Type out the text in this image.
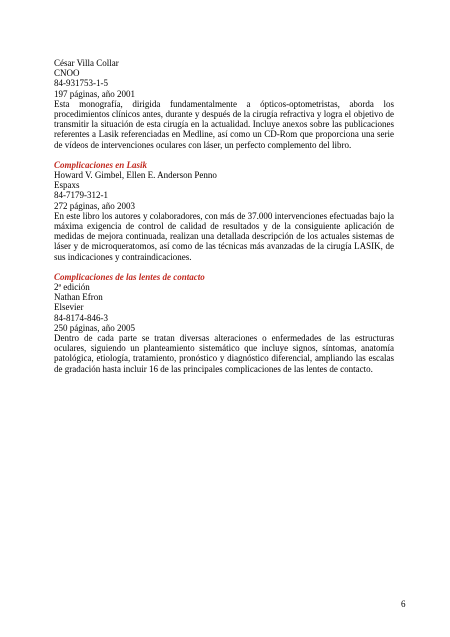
César Villa Collar
CNOO
84-931753-1-5
197 páginas, año 2001
Esta monografía, dirigida fundamentalmente a ópticos-optometristas, aborda los procedimientos clínicos antes, durante y después de la cirugía refractiva y logra el objetivo de transmitir la situación de esta cirugía en la actualidad. Incluye anexos sobre las publicaciones referentes a Lasik referenciadas en Medline, así como un CD-Rom que proporciona una serie de vídeos de intervenciones oculares con láser, un perfecto complemento del libro.
Complicaciones en Lasik
Howard V. Gimbel, Ellen E. Anderson Penno
Espaxs
84-7179-312-1
272 páginas, año 2003
En este libro los autores y colaboradores, con más de 37.000 intervenciones efectuadas bajo la máxima exigencia de control de calidad de resultados y de la consiguiente aplicación de medidas de mejora continuada, realizan una detallada descripción de los actuales sistemas de láser y de microqueratomos, así como de las técnicas más avanzadas de la cirugía LASIK, de sus indicaciones y contraindicaciones.
Complicaciones de las lentes de contacto
2ª edición
Nathan Efron
Elsevier
84-8174-846-3
250 páginas, año 2005
Dentro de cada parte se tratan diversas alteraciones o enfermedades de las estructuras oculares, siguiendo un planteamiento sistemático que incluye signos, síntomas, anatomía patológica, etiología, tratamiento, pronóstico y diagnóstico diferencial, ampliando las escalas de gradación hasta incluir 16 de las principales complicaciones de las lentes de contacto.
6
